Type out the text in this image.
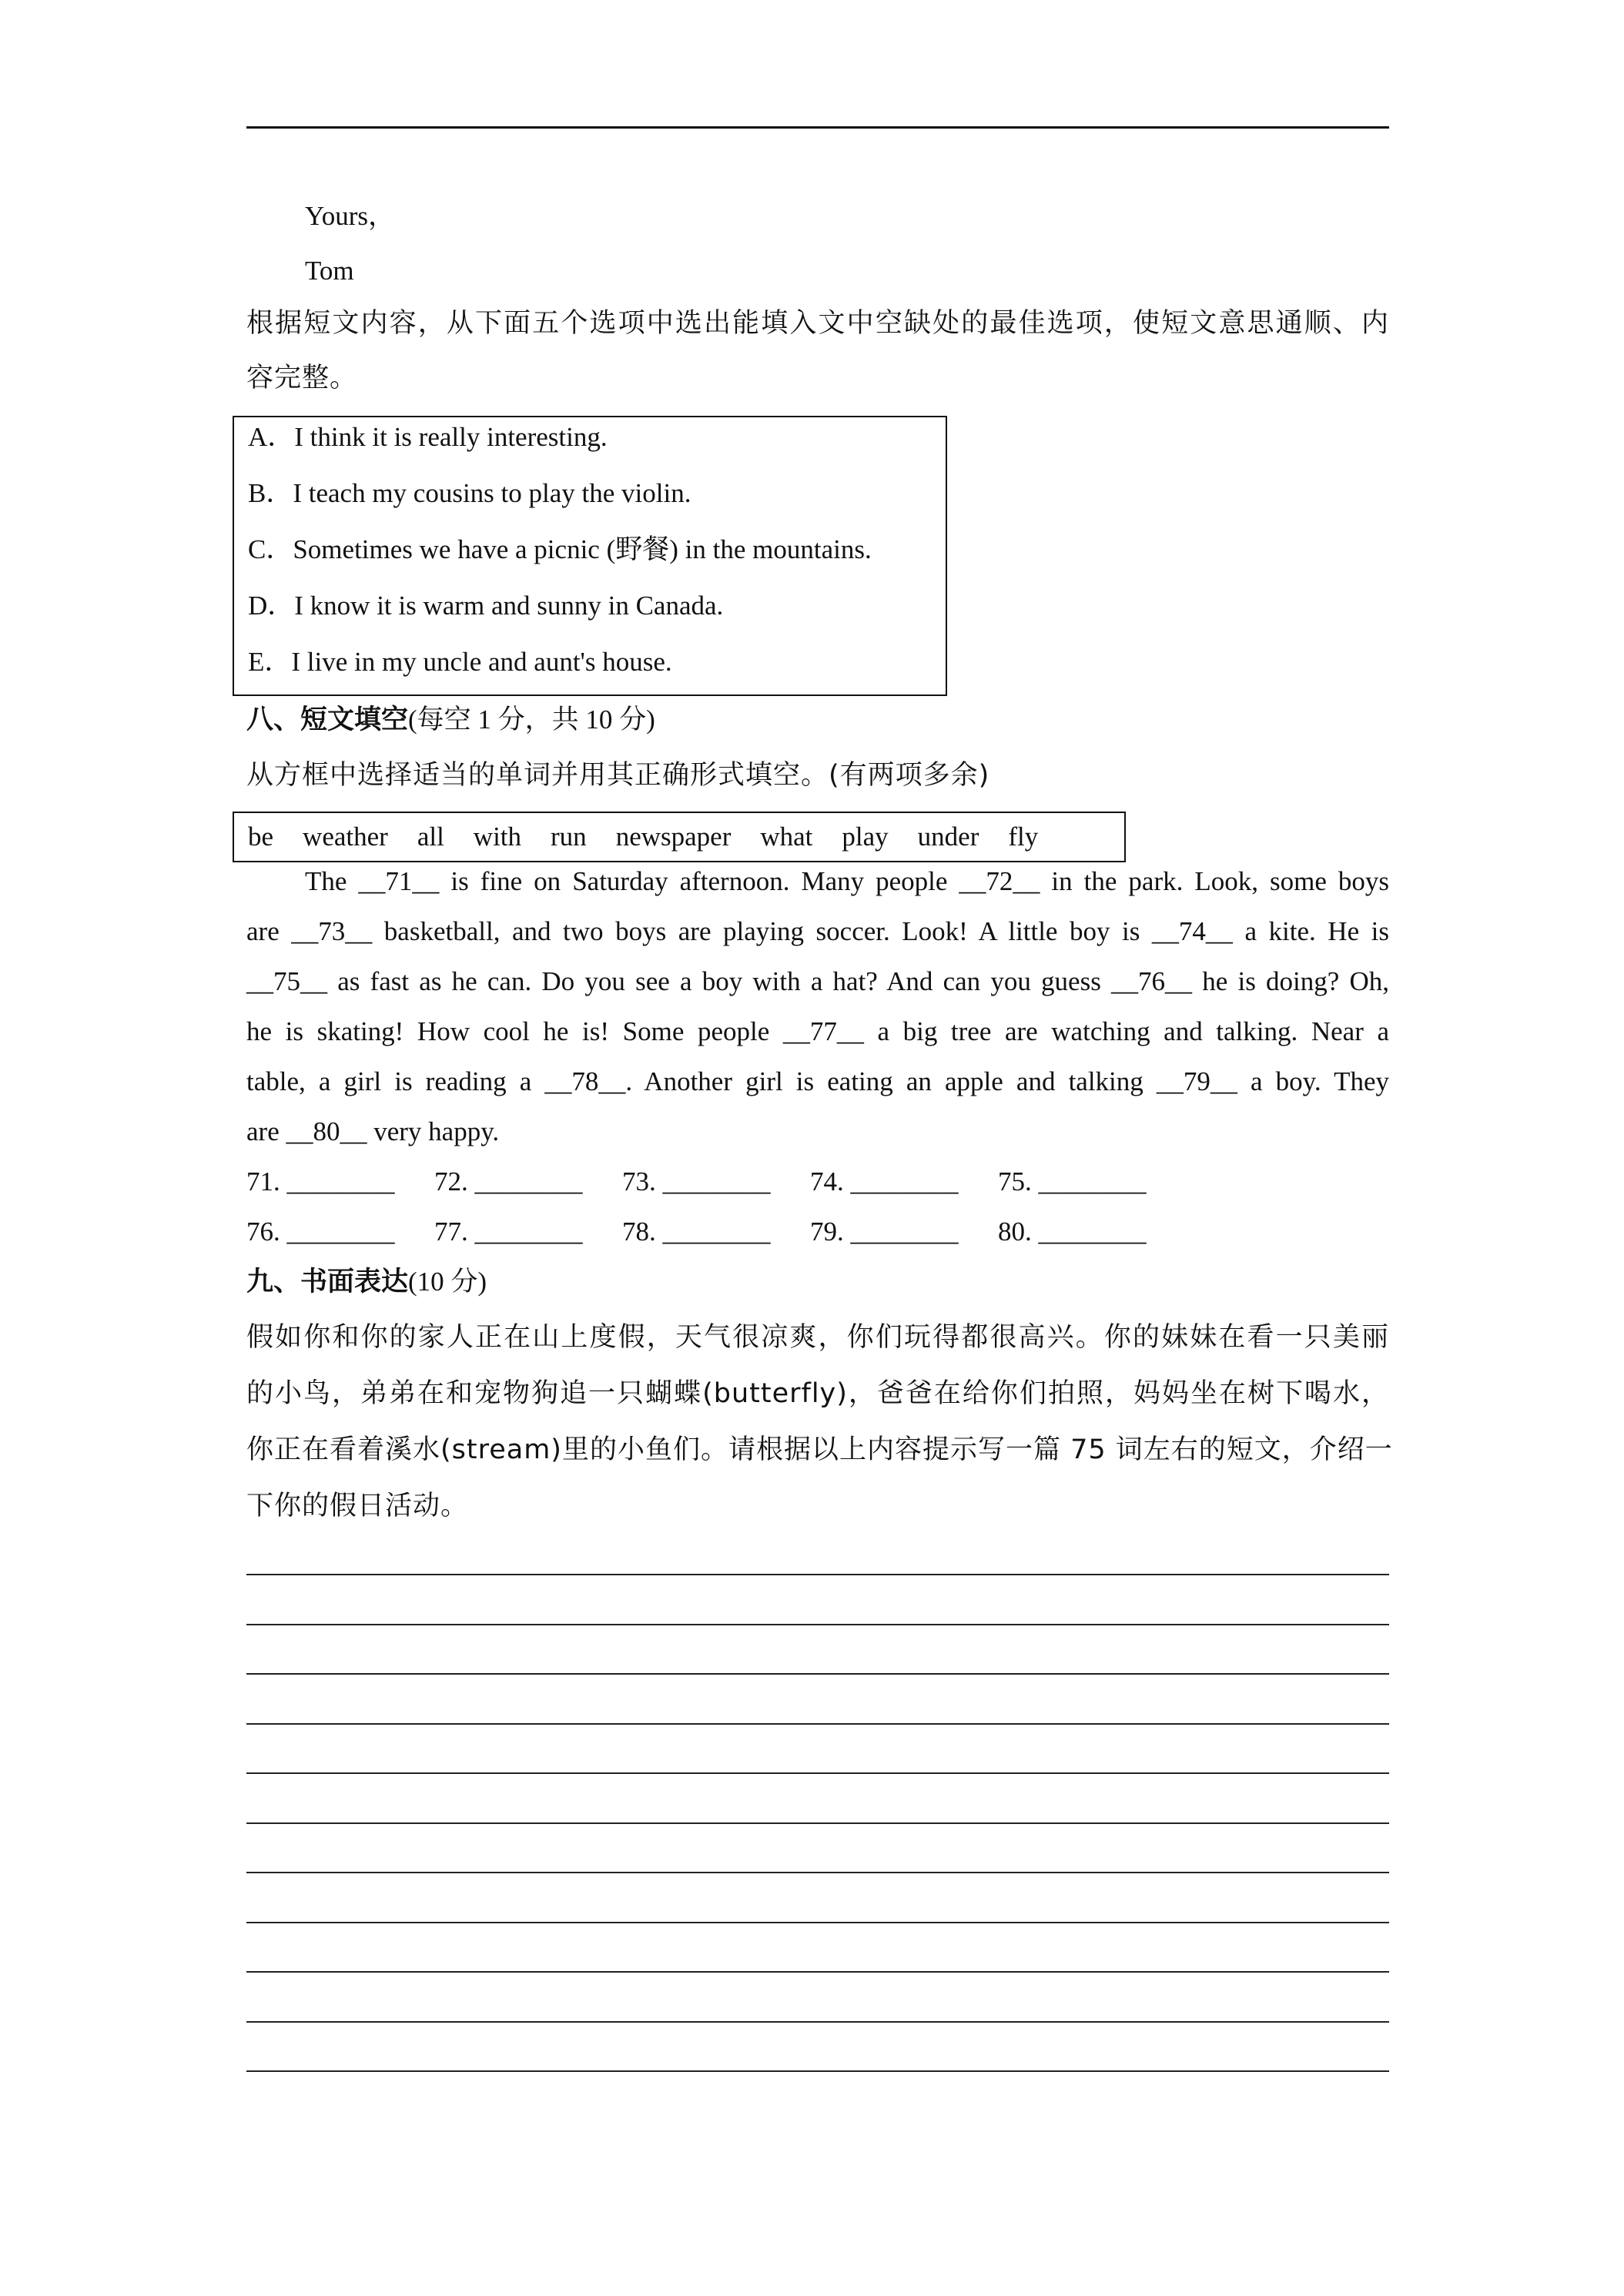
Yours，
Tom
根据短文内容，从下面五个选项中选出能填入文中空缺处的最佳选项，使短文意思通顺、内
容完整。
A．I think it is really interesting.
B．I teach my cousins to play the violin.
C．Sometimes we have a picnic (野餐) in the mountains.
D．I know it is warm and sunny in Canada.
E．I live in my uncle and aunt's house.
八、短文填空(每空 1 分，共 10 分)
从方框中选择适当的单词并用其正确形式填空。(有两项多余)
be weather all with run newspaper what play under fly
The __71__ is fine on Saturday afternoon. Many people __72__ in the park. Look, some boys
are __73__ basketball, and two boys are playing soccer. Look! A little boy is __74__ a kite. He is
__75__ as fast as he can. Do you see a boy with a hat? And can you guess __76__ he is doing? Oh,
he is skating! How cool he is! Some people __77__ a big tree are watching and talking. Near a
table, a girl is reading a __78__. Another girl is eating an apple and talking __79__ a boy. They
are __80__ very happy.
71. ________ 72. ________ 73. ________ 74. ________ 75. ________
76. ________ 77. ________ 78. ________ 79. ________ 80. ________
九、书面表达(10 分)
假如你和你的家人正在山上度假，天气很凉爽，你们玩得都很高兴。你的妹妹在看一只美丽
的小鸟，弟弟在和宠物狗追一只蝴蝶(butterfly)，爸爸在给你们拍照，妈妈坐在树下喝水，
你正在看着溪水(stream)里的小鱼们。请根据以上内容提示写一篇 75 词左右的短文，介绍一
下你的假日活动。
